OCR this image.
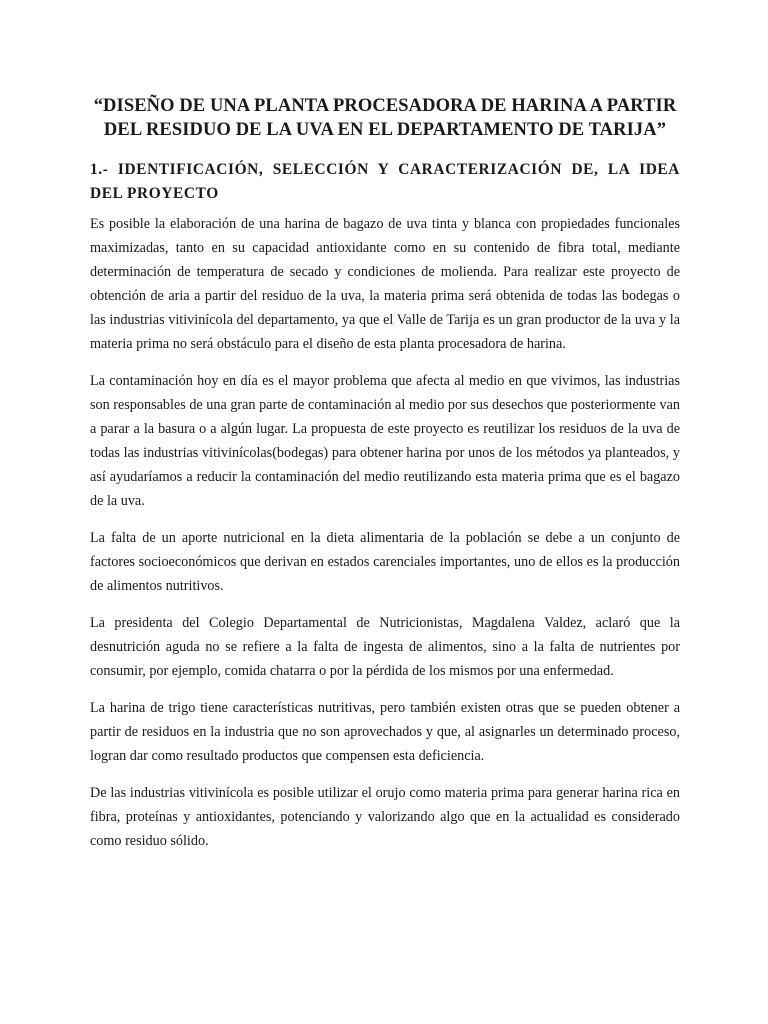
“DISEÑO DE UNA PLANTA PROCESADORA DE HARINA A PARTIR
DEL RESIDUO DE LA UVA EN EL DEPARTAMENTO DE TARIJA”
1.- IDENTIFICACIÓN, SELECCIÓN Y CARACTERIZACIÓN DE, LA IDEA DEL PROYECTO

Es posible la elaboración de una harina de bagazo de uva tinta y blanca con propiedades funcionales maximizadas, tanto en su capacidad antioxidante como en su contenido de fibra total, mediante determinación de temperatura de secado y condiciones de molienda. Para realizar este proyecto de obtención de aria a partir del residuo de la uva, la materia prima será obtenida de todas las bodegas o las industrias vitivinícola del departamento, ya que el Valle de Tarija es un gran productor de la uva y la materia prima no será obstáculo para el diseño de esta planta procesadora de harina.

La contaminación hoy en día es el mayor problema que afecta al medio en que vivimos, las industrias son responsables de una gran parte de contaminación al medio por sus desechos que posteriormente van a parar a la basura o a algún lugar. La propuesta de este proyecto es reutilizar los residuos de la uva de todas las industrias vitivinícolas(bodegas) para obtener harina por unos de los métodos ya planteados, y así ayudaríamos a reducir la contaminación del medio reutilizando esta materia prima que es el bagazo de la uva.

La falta de un aporte nutricional en la dieta alimentaria de la población se debe a un conjunto de factores socioeconómicos que derivan en estados carenciales importantes, uno de ellos es la producción de alimentos nutritivos.

La presidenta del Colegio Departamental de Nutricionistas, Magdalena Valdez, aclaró que la desnutrición aguda no se refiere a la falta de ingesta de alimentos, sino a la falta de nutrientes por consumir, por ejemplo, comida chatarra o por la pérdida de los mismos por una enfermedad.

La harina de trigo tiene características nutritivas, pero también existen otras que se pueden obtener a partir de residuos en la industria que no son aprovechados y que, al asignarles un determinado proceso, logran dar como resultado productos que compensen esta deficiencia.

De las industrias vitivinícola es posible utilizar el orujo como materia prima para generar harina rica en fibra, proteínas y antioxidantes, potenciando y valorizando algo que en la actualidad es considerado como residuo sólido.
